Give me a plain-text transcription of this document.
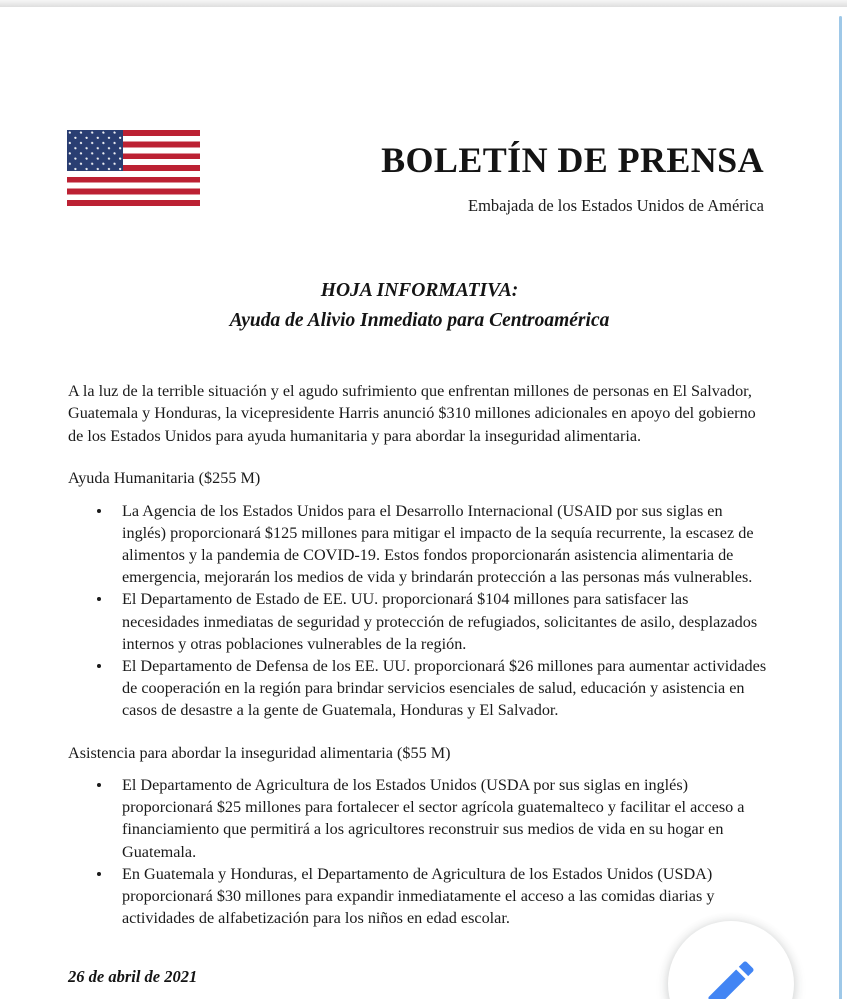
BOLETÍN DE PRENSA
Embajada de los Estados Unidos de América
HOJA INFORMATIVA:
Ayuda de Alivio Inmediato para Centroamérica

A la luz de la terrible situación y el agudo sufrimiento que enfrentan millones de personas en El Salvador, Guatemala y Honduras, la vicepresidente Harris anunció $310 millones adicionales en apoyo del gobierno de los Estados Unidos para ayuda humanitaria y para abordar la inseguridad alimentaria.

Ayuda Humanitaria ($255 M)
La Agencia de los Estados Unidos para el Desarrollo Internacional (USAID por sus siglas en inglés) proporcionará $125 millones para mitigar el impacto de la sequía recurrente, la escasez de alimentos y la pandemia de COVID-19. Estos fondos proporcionarán asistencia alimentaria de emergencia, mejorarán los medios de vida y brindarán protección a las personas más vulnerables.
El Departamento de Estado de EE. UU. proporcionará $104 millones para satisfacer las necesidades inmediatas de seguridad y protección de refugiados, solicitantes de asilo, desplazados internos y otras poblaciones vulnerables de la región.
El Departamento de Defensa de los EE. UU. proporcionará $26 millones para aumentar actividades de cooperación en la región para brindar servicios esenciales de salud, educación y asistencia en casos de desastre a la gente de Guatemala, Honduras y El Salvador.
Asistencia para abordar la inseguridad alimentaria ($55 M)
El Departamento de Agricultura de los Estados Unidos (USDA por sus siglas en inglés) proporcionará $25 millones para fortalecer el sector agrícola guatemalteco y facilitar el acceso a financiamiento que permitirá a los agricultores reconstruir sus medios de vida en su hogar en Guatemala.
En Guatemala y Honduras, el Departamento de Agricultura de los Estados Unidos (USDA) proporcionará $30 millones para expandir inmediatamente el acceso a las comidas diarias y actividades de alfabetización para los niños en edad escolar.
26 de abril de 2021
